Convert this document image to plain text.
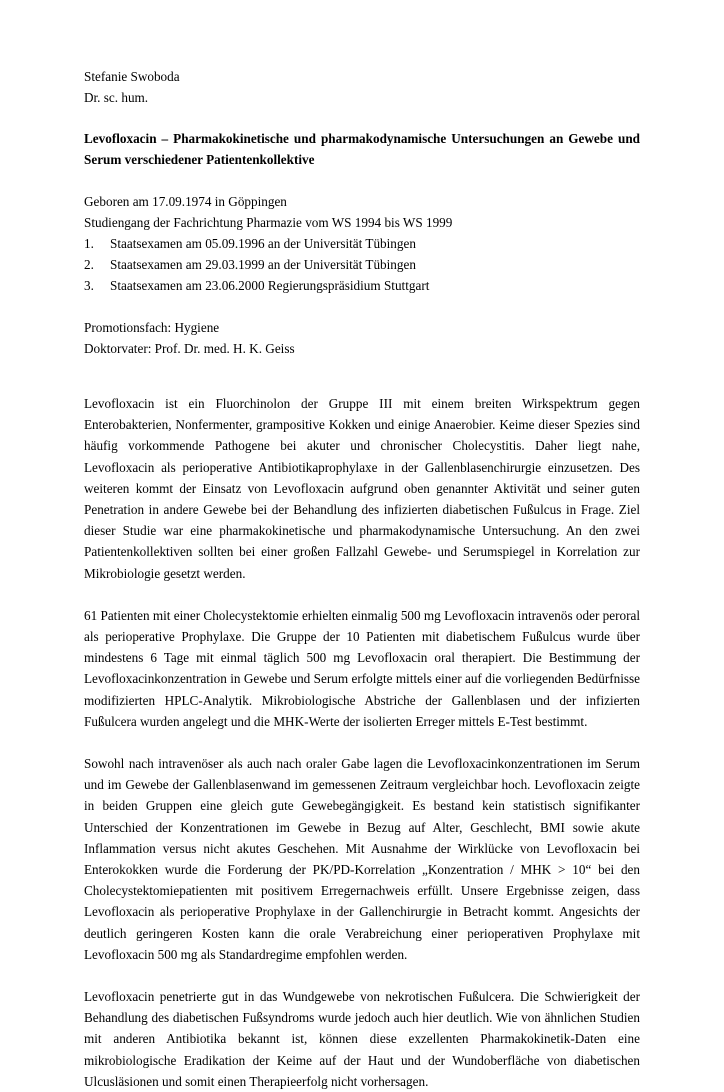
Stefanie Swoboda
Dr. sc. hum.
Levofloxacin – Pharmakokinetische und pharmakodynamische Untersuchungen an Gewebe und Serum verschiedener Patientenkollektive
Geboren am 17.09.1974 in Göppingen
Studiengang der Fachrichtung Pharmazie vom WS 1994 bis WS 1999
1.	Staatsexamen am 05.09.1996 an der Universität Tübingen
2.	Staatsexamen am 29.03.1999 an der Universität Tübingen
3.	Staatsexamen am 23.06.2000 Regierungspräsidium Stuttgart
Promotionsfach: Hygiene
Doktorvater: Prof. Dr. med. H. K. Geiss

Levofloxacin ist ein Fluorchinolon der Gruppe III mit einem breiten Wirkspektrum gegen Enterobakterien, Nonfermenter, grampositive Kokken und einige Anaerobier. Keime dieser Spezies sind häufig vorkommende Pathogene bei akuter und chronischer Cholecystitis. Daher liegt nahe, Levofloxacin als perioperative Antibiotikaprophylaxe in der Gallenblasenchirurgie einzusetzen. Des weiteren kommt der Einsatz von Levofloxacin aufgrund oben genannter Aktivität und seiner guten Penetration in andere Gewebe bei der Behandlung des infizierten diabetischen Fußulcus in Frage. Ziel dieser Studie war eine pharmakokinetische und pharmakodynamische Untersuchung. An den zwei Patientenkollektiven sollten bei einer großen Fallzahl Gewebe- und Serumspiegel in Korrelation zur Mikrobiologie gesetzt werden.

61 Patienten mit einer Cholecystektomie erhielten einmalig 500 mg Levofloxacin intravenös oder peroral als perioperative Prophylaxe. Die Gruppe der 10 Patienten mit diabetischem Fußulcus wurde über mindestens 6 Tage mit einmal täglich 500 mg Levofloxacin oral therapiert. Die Bestimmung der Levofloxacinkonzentration in Gewebe und Serum erfolgte mittels einer auf die vorliegenden Bedürfnisse modifizierten HPLC-Analytik. Mikrobiologische Abstriche der Gallenblasen und der infizierten Fußulcera wurden angelegt und die MHK-Werte der isolierten Erreger mittels E-Test bestimmt.

Sowohl nach intravenöser als auch nach oraler Gabe lagen die Levofloxacinkonzentrationen im Serum und im Gewebe der Gallenblasenwand im gemessenen Zeitraum vergleichbar hoch. Levofloxacin zeigte in beiden Gruppen eine gleich gute Gewebegängigkeit. Es bestand kein statistisch signifikanter Unterschied der Konzentrationen im Gewebe in Bezug auf Alter, Geschlecht, BMI sowie akute Inflammation versus nicht akutes Geschehen. Mit Ausnahme der Wirklücke von Levofloxacin bei Enterokokken wurde die Forderung der PK/PD-Korrelation „Konzentration / MHK > 10“ bei den Cholecystektomiepatienten mit positivem Erregernachweis erfüllt. Unsere Ergebnisse zeigen, dass Levofloxacin als perioperative Prophylaxe in der Gallenchirurgie in Betracht kommt. Angesichts der deutlich geringeren Kosten kann die orale Verabreichung einer perioperativen Prophylaxe mit Levofloxacin 500 mg als Standardregime empfohlen werden.

Levofloxacin penetrierte gut in das Wundgewebe von nekrotischen Fußulcera. Die Schwierigkeit der Behandlung des diabetischen Fußsyndroms wurde jedoch auch hier deutlich. Wie von ähnlichen Studien mit anderen Antibiotika bekannt ist, können diese exzellenten Pharmakokinetik-Daten eine mikrobiologische Eradikation der Keime auf der Haut und der Wundoberfläche von diabetischen Ulcusläsionen und somit einen Therapieerfolg nicht vorhersagen.
